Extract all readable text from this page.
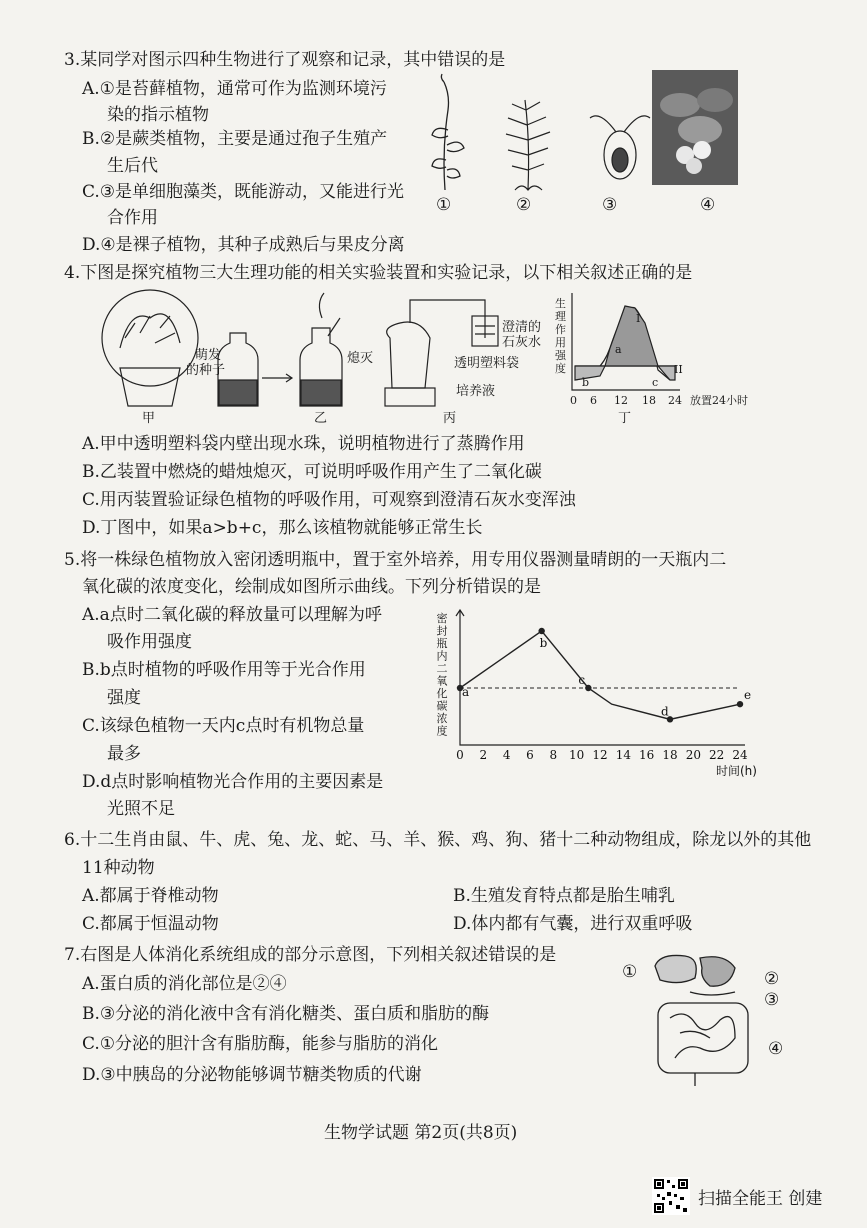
3.某同学对图示四种生物进行了观察和记录，其中错误的是
A.①是苔藓植物，通常可作为监测环境污
染的指示植物
B.②是蕨类植物，主要是通过孢子生殖产
生后代
C.③是单细胞藻类，既能游动，又能进行光
合作用
D.④是裸子植物，其种子成熟后与果皮分离
①	②	③	④
4.下图是探究植物三大生理功能的相关实验装置和实验记录，以下相关叙述正确的是
萌发
的种子
熄灭
澄清的
石灰水
透明塑料袋
培养液
生
理
作
用
强
度
I
II
a
b	c
0 6 12 18 24 放置24小时
甲	乙	丙	丁
A.甲中透明塑料袋内壁出现水珠，说明植物进行了蒸腾作用
B.乙装置中燃烧的蜡烛熄灭，可说明呼吸作用产生了二氧化碳
C.用丙装置验证绿色植物的呼吸作用，可观察到澄清石灰水变浑浊
D.丁图中，如果a>b+c，那么该植物就能够正常生长
5.将一株绿色植物放入密闭透明瓶中，置于室外培养，用专用仪器测量晴朗的一天瓶内二
氧化碳的浓度变化，绘制成如图所示曲线。下列分析错误的是
A.a点时二氧化碳的释放量可以理解为呼
吸作用强度
B.b点时植物的呼吸作用等于光合作用
强度
C.该绿色植物一天内c点时有机物总量
最多
D.d点时影响植物光合作用的主要因素是
光照不足
a
b
c
d
e
0 2 4 6 8 10 12 14 16 18 20 22 24
密
封
瓶
内
二
氧
化
碳
浓
度
时间(h)
6.十二生肖由鼠、牛、虎、兔、龙、蛇、马、羊、猴、鸡、狗、猪十二种动物组成，除龙以外的其他
11种动物
A.都属于脊椎动物	B.生殖发育特点都是胎生哺乳
C.都属于恒温动物	D.体内都有气囊，进行双重呼吸
7.右图是人体消化系统组成的部分示意图，下列相关叙述错误的是
A.蛋白质的消化部位是②④
B.③分泌的消化液中含有消化糖类、蛋白质和脂肪的酶
C.①分泌的胆汁含有脂肪酶，能参与脂肪的消化
D.③中胰岛的分泌物能够调节糖类物质的代谢
①	②
③
④
生物学试题 第2页(共8页)
扫描全能王 创建
